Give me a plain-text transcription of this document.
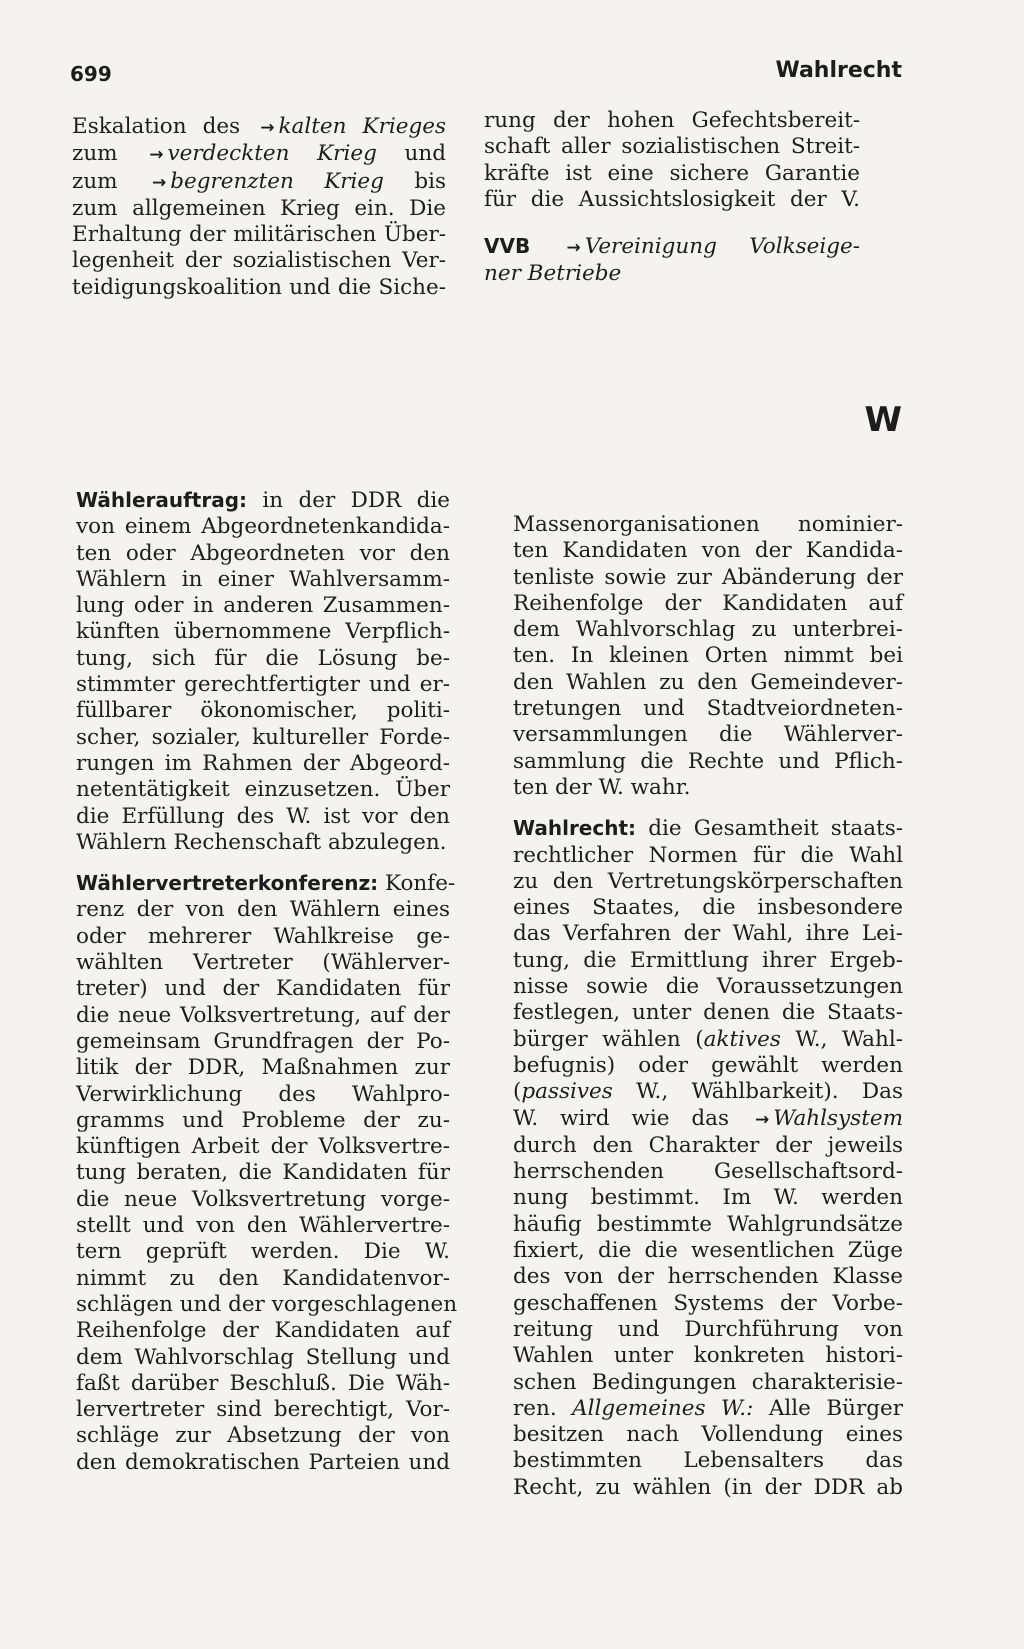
699	Wahlrecht
Eskalation des → kalten Krieges
zum → verdeckten Krieg und
zum → begrenzten Krieg bis
zum allgemeinen Krieg ein. Die
Erhaltung der militärischen Über-
legenheit der sozialistischen Ver-
teidigungskoalition und die Siche-
rung der hohen Gefechtsbereit-
schaft aller sozialistischen Streit-
kräfte ist eine sichere Garantie
für die Aussichtslosigkeit der V.
VVB → Vereinigung Volkseige-
ner Betriebe
W
Wählerauftrag: in der DDR die
von einem Abgeordnetenkandida-
ten oder Abgeordneten vor den
Wählern in einer Wahlversamm-
lung oder in anderen Zusammen-
künften übernommene Verpflich-
tung, sich für die Lösung be-
stimmter gerechtfertigter und er-
füllbarer ökonomischer, politi-
scher, sozialer, kultureller Forde-
rungen im Rahmen der Abgeord-
netentätigkeit einzusetzen. Über
die Erfüllung des W. ist vor den
Wählern Rechenschaft abzulegen.
Wählervertreterkonferenz: Konfe-
renz der von den Wählern eines
oder mehrerer Wahlkreise ge-
wählten Vertreter (Wählerver-
treter) und der Kandidaten für
die neue Volksvertretung, auf der
gemeinsam Grundfragen der Po-
litik der DDR, Maßnahmen zur
Verwirklichung des Wahlpro-
gramms und Probleme der zu-
künftigen Arbeit der Volksvertre-
tung beraten, die Kandidaten für
die neue Volksvertretung vorge-
stellt und von den Wählervertre-
tern geprüft werden. Die W.
nimmt zu den Kandidatenvor-
schlägen und der vorgeschlagenen
Reihenfolge der Kandidaten auf
dem Wahlvorschlag Stellung und
faßt darüber Beschluß. Die Wäh-
lervertreter sind berechtigt, Vor-
schläge zur Absetzung der von
den demokratischen Parteien und
Massenorganisationen nominier-
ten Kandidaten von der Kandida-
tenliste sowie zur Abänderung der
Reihenfolge der Kandidaten auf
dem Wahlvorschlag zu unterbrei-
ten. In kleinen Orten nimmt bei
den Wahlen zu den Gemeindever-
tretungen und Stadtveiordneten-
versammlungen die Wählerver-
sammlung die Rechte und Pflich-
ten der W. wahr.
Wahlrecht: die Gesamtheit staats-
rechtlicher Normen für die Wahl
zu den Vertretungskörperschaften
eines Staates, die insbesondere
das Verfahren der Wahl, ihre Lei-
tung, die Ermittlung ihrer Ergeb-
nisse sowie die Voraussetzungen
festlegen, unter denen die Staats-
bürger wählen (aktives W., Wahl-
befugnis) oder gewählt werden
(passives W., Wählbarkeit). Das
W. wird wie das → Wahlsystem
durch den Charakter der jeweils
herrschenden Gesellschaftsord-
nung bestimmt. Im W. werden
häufig bestimmte Wahlgrundsätze
fixiert, die die wesentlichen Züge
des von der herrschenden Klasse
geschaffenen Systems der Vorbe-
reitung und Durchführung von
Wahlen unter konkreten histori-
schen Bedingungen charakterisie-
ren. Allgemeines W.: Alle Bürger
besitzen nach Vollendung eines
bestimmten Lebensalters das
Recht, zu wählen (in der DDR ab
